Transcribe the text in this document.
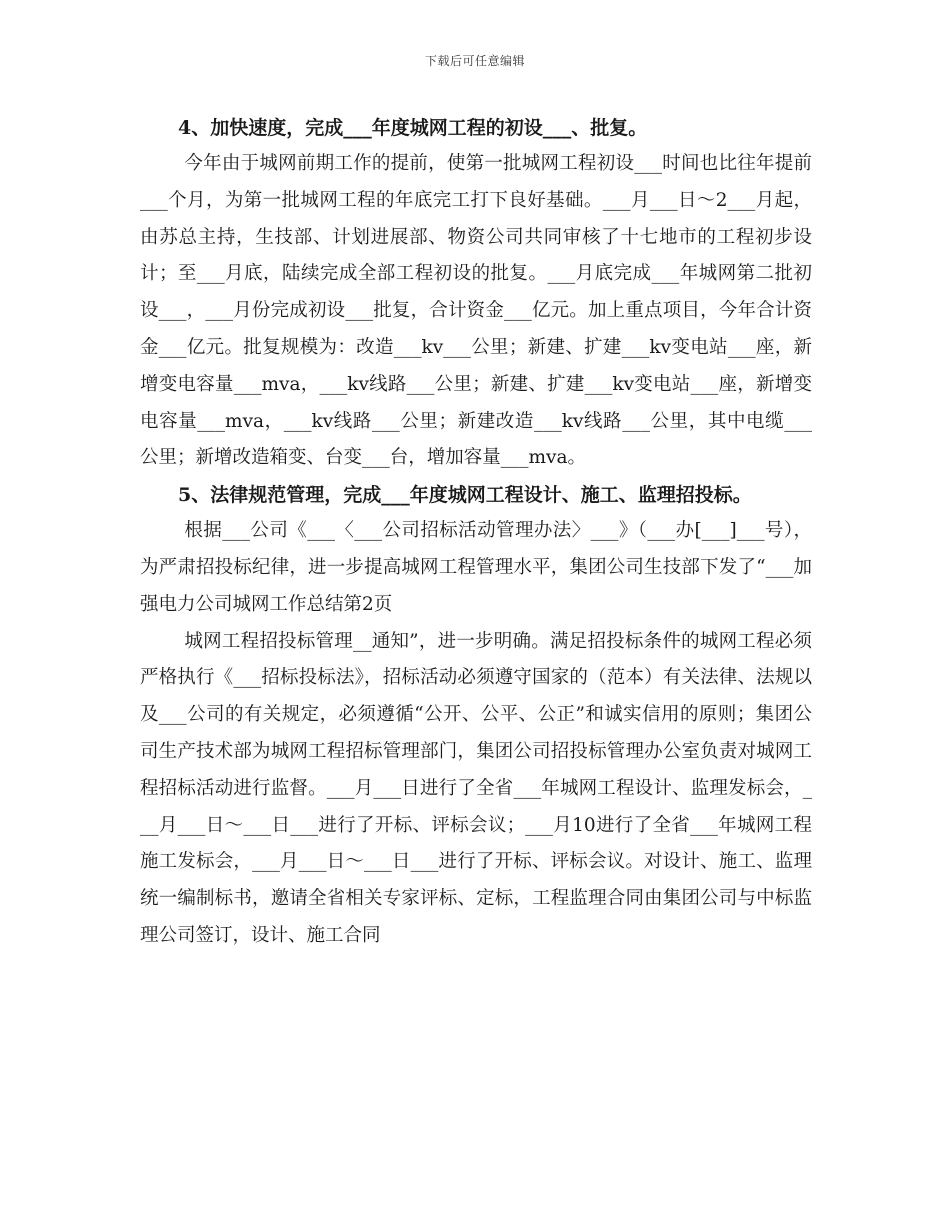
下载后可任意编辑

4、加快速度，完成___年度城网工程的初设___、批复。

今年由于城网前期工作的提前，使第一批城网工程初设___时间也比往年提前___个月，为第一批城网工程的年底完工打下良好基础。___月___日～2___月起，由苏总主持，生技部、计划进展部、物资公司共同审核了十七地市的工程初步设计；至___月底，陆续完成全部工程初设的批复。___月底完成___年城网第二批初设___，___月份完成初设___批复，合计资金___亿元。加上重点项目，今年合计资金___亿元。批复规模为：改造___kv___公里；新建、扩建___kv变电站___座，新增变电容量___mva，___kv线路___公里；新建、扩建___kv变电站___座，新增变电容量___mva，___kv线路___公里；新建改造___kv线路___公里，其中电缆___公里；新增改造箱变、台变___台，增加容量___mva。

5、法律规范管理，完成___年度城网工程设计、施工、监理招投标。

根据___公司《___〈___公司招标活动管理办法〉___》（___办[___]___号），为严肃招投标纪律，进一步提高城网工程管理水平，集团公司生技部下发了“___加强电力公司城网工作总结第2页

城网工程招投标管理__通知”，进一步明确。满足招投标条件的城网工程必须严格执行《___招标投标法》，招标活动必须遵守国家的（范本）有关法律、法规以及___公司的有关规定，必须遵循“公开、公平、公正”和诚实信用的原则；集团公司生产技术部为城网工程招标管理部门，集团公司招投标管理办公室负责对城网工程招标活动进行监督。___月___日进行了全省___年城网工程设计、监理发标会，___月___日～___日___进行了开标、评标会议；___月10进行了全省___年城网工程施工发标会，___月___日～___日___进行了开标、评标会议。对设计、施工、监理统一编制标书，邀请全省相关专家评标、定标，工程监理合同由集团公司与中标监理公司签订，设计、施工合同
